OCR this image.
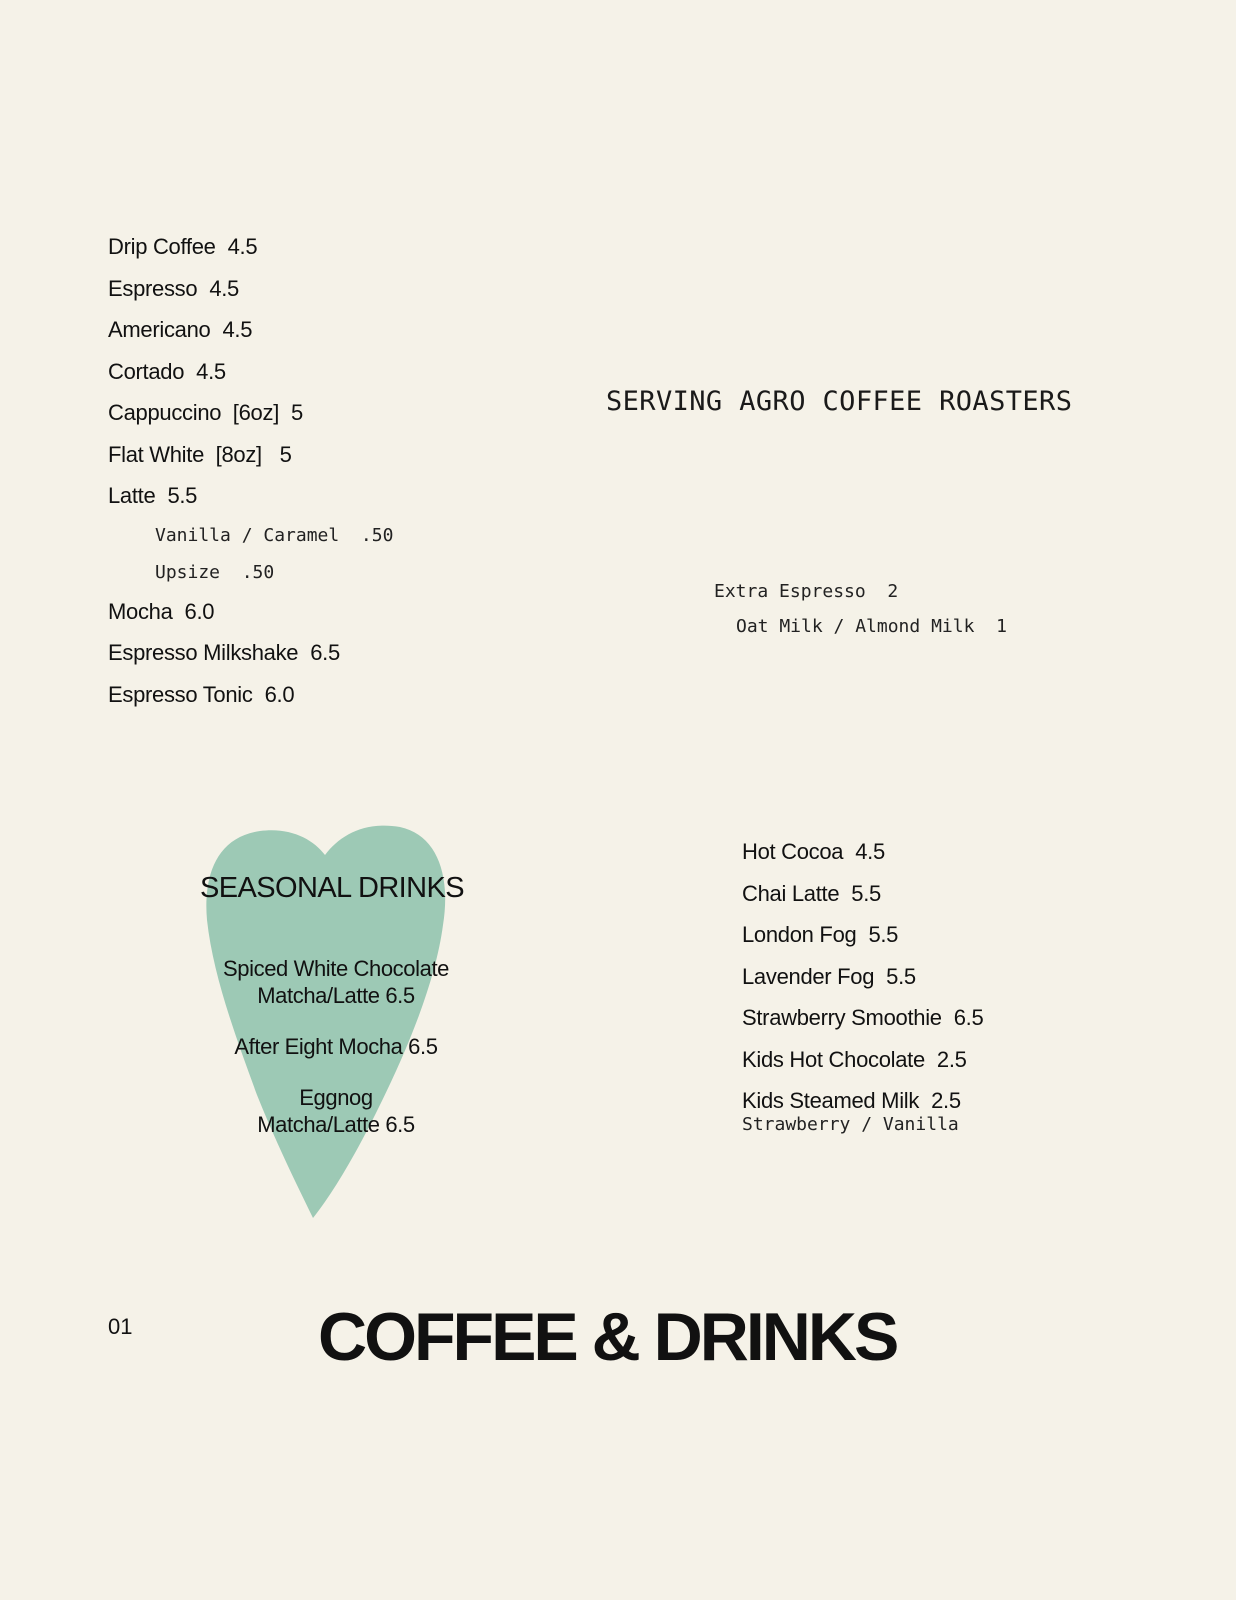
Drip Coffee 4.5
Espresso 4.5
Americano 4.5
Cortado 4.5
Cappuccino  [6oz] 5
Flat White  [8oz] 5
Latte 5.5
Vanilla / Caramel  .50
Upsize  .50
Mocha 6.0
Espresso Milkshake 6.5
Espresso Tonic 6.0
SERVING AGRO COFFEE ROASTERS
Extra Espresso  2
Oat Milk / Almond Milk  1
SEASONAL DRINKS
Spiced White Chocolate
Matcha/Latte 6.5
After Eight Mocha 6.5
Eggnog
Matcha/Latte 6.5
Hot Cocoa 4.5
Chai Latte 5.5
London Fog 5.5
Lavender Fog 5.5
Strawberry Smoothie 6.5
Kids Hot Chocolate 2.5
Kids Steamed Milk 2.5
Strawberry / Vanilla
01	COFFEE & DRINKS
